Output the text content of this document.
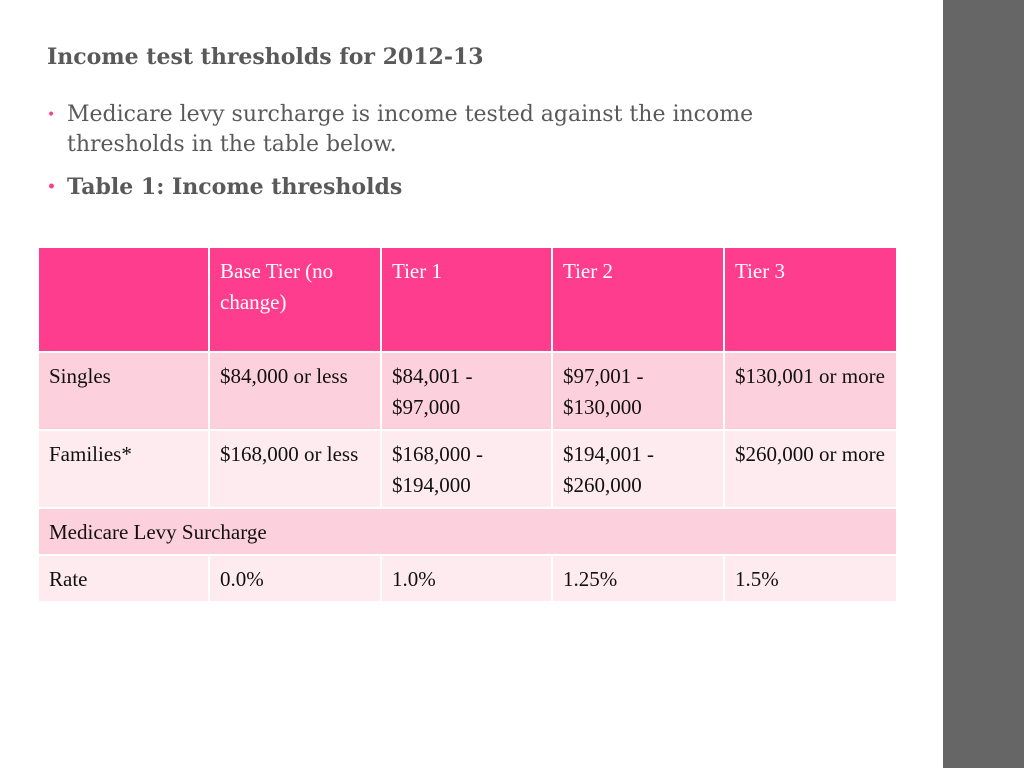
Income test thresholds for 2012-13
• Medicare levy surcharge is income tested against the income thresholds in the table below.
• Table 1: Income thresholds
	Base Tier (no change)	Tier 1	Tier 2	Tier 3
Singles	$84,000 or less	$84,001 - $97,000	$97,001 - $130,000	$130,001 or more
Families*	$168,000 or less	$168,000 - $194,000	$194,001 - $260,000	$260,000 or more
Medicare Levy Surcharge				
Rate	0.0%	1.0%	1.25%	1.5%
